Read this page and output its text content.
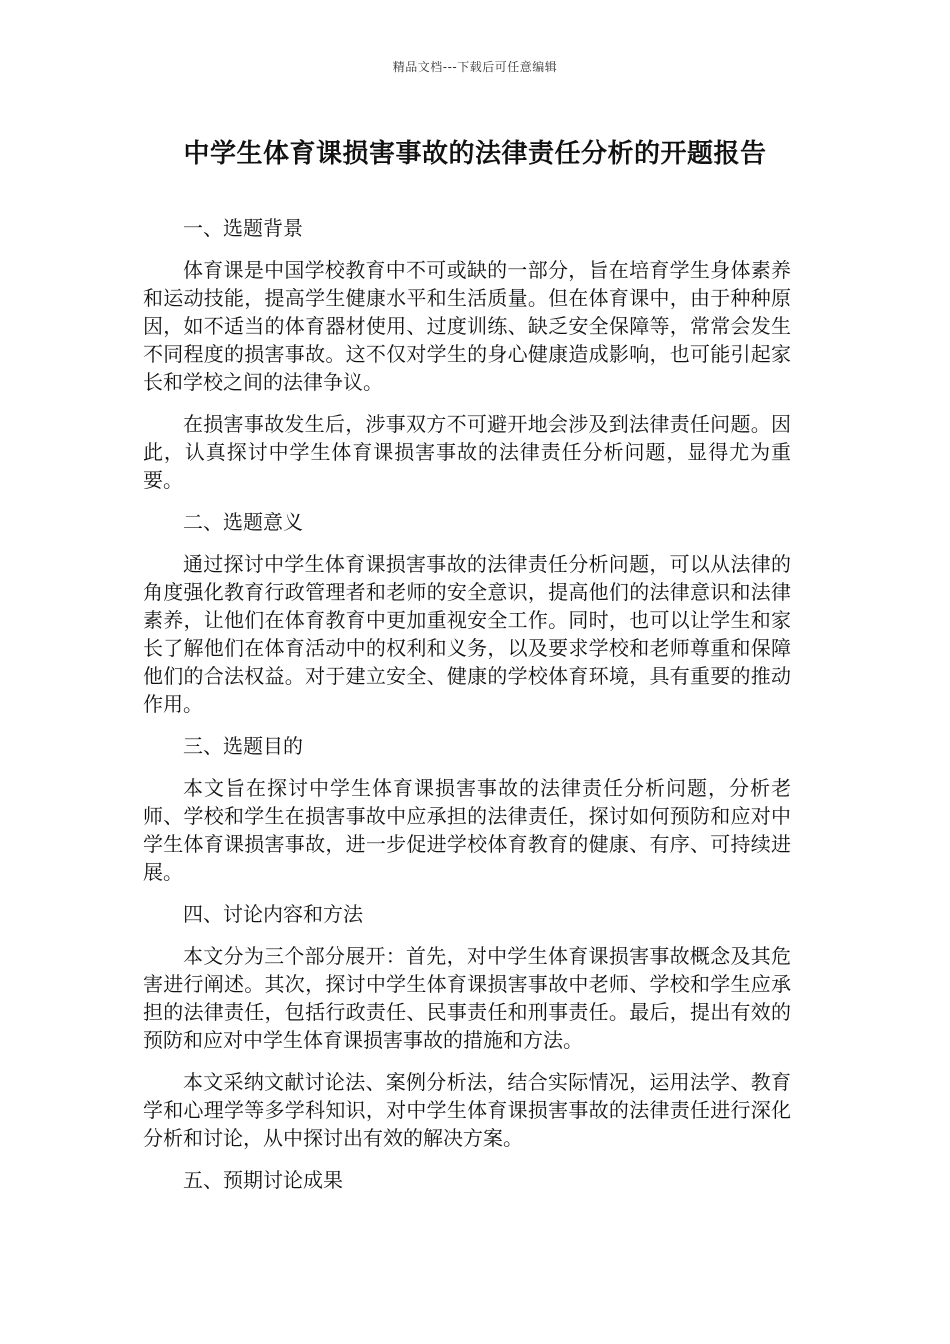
精品文档---下载后可任意编辑
中学生体育课损害事故的法律责任分析的开题报告

一、选题背景

体育课是中国学校教育中不可或缺的一部分，旨在培育学生身体素养和运动技能，提高学生健康水平和生活质量。但在体育课中，由于种种原因，如不适当的体育器材使用、过度训练、缺乏安全保障等，常常会发生不同程度的损害事故。这不仅对学生的身心健康造成影响，也可能引起家长和学校之间的法律争议。

在损害事故发生后，涉事双方不可避开地会涉及到法律责任问题。因此，认真探讨中学生体育课损害事故的法律责任分析问题，显得尤为重要。

二、选题意义

通过探讨中学生体育课损害事故的法律责任分析问题，可以从法律的角度强化教育行政管理者和老师的安全意识，提高他们的法律意识和法律素养，让他们在体育教育中更加重视安全工作。同时，也可以让学生和家长了解他们在体育活动中的权利和义务，以及要求学校和老师尊重和保障他们的合法权益。对于建立安全、健康的学校体育环境，具有重要的推动作用。

三、选题目的

本文旨在探讨中学生体育课损害事故的法律责任分析问题，分析老师、学校和学生在损害事故中应承担的法律责任，探讨如何预防和应对中学生体育课损害事故，进一步促进学校体育教育的健康、有序、可持续进展。

四、讨论内容和方法

本文分为三个部分展开：首先，对中学生体育课损害事故概念及其危害进行阐述。其次，探讨中学生体育课损害事故中老师、学校和学生应承担的法律责任，包括行政责任、民事责任和刑事责任。最后，提出有效的预防和应对中学生体育课损害事故的措施和方法。

本文采纳文献讨论法、案例分析法，结合实际情况，运用法学、教育学和心理学等多学科知识，对中学生体育课损害事故的法律责任进行深化分析和讨论，从中探讨出有效的解决方案。

五、预期讨论成果
